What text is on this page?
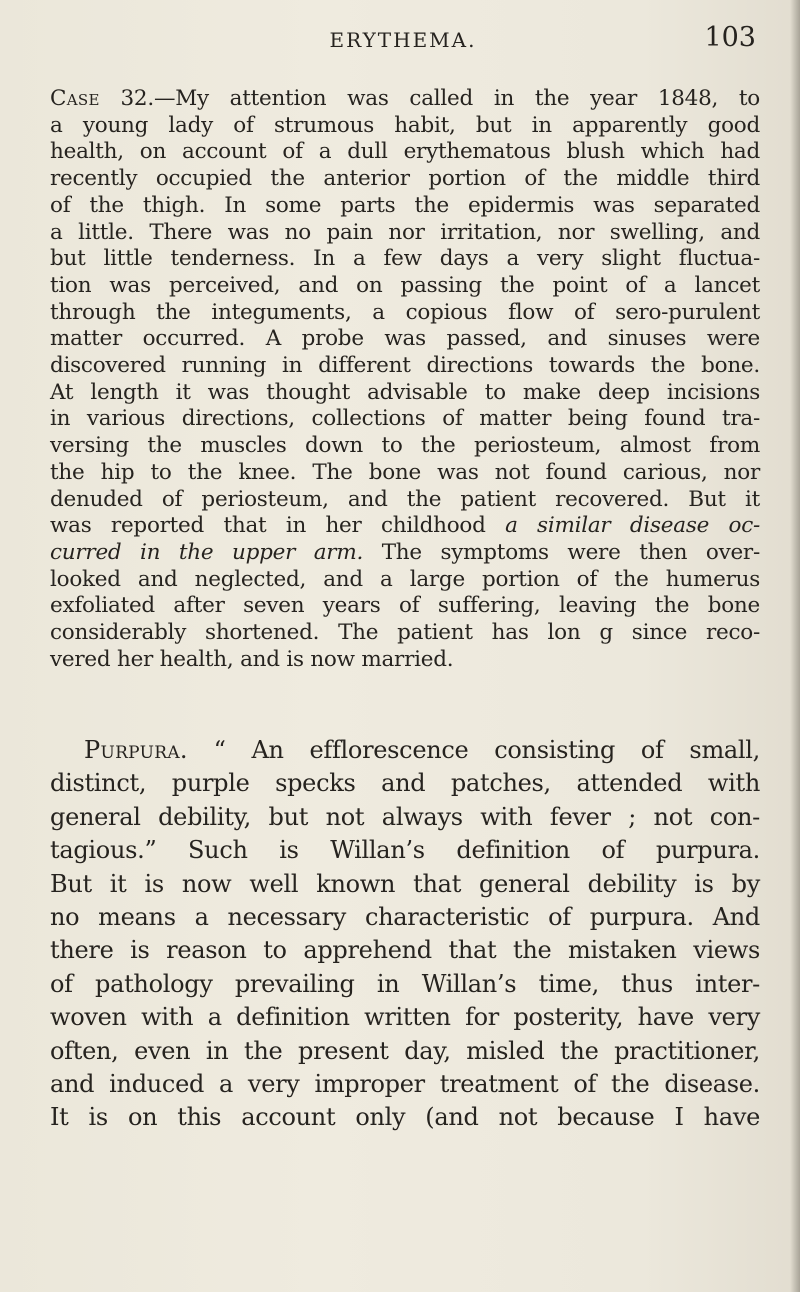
ERYTHEMA.	103
Case 32.—My attention was called in the year 1848, to
a young lady of strumous habit, but in apparently good
health, on account of a dull erythematous blush which had
recently occupied the anterior portion of the middle third
of the thigh. In some parts the epidermis was separated
a little. There was no pain nor irritation, nor swelling, and
but little tenderness. In a few days a very slight fluctua-
tion was perceived, and on passing the point of a lancet
through the integuments, a copious flow of sero-purulent
matter occurred. A probe was passed, and sinuses were
discovered running in different directions towards the bone.
At length it was thought advisable to make deep incisions
in various directions, collections of matter being found tra-
versing the muscles down to the periosteum, almost from
the hip to the knee. The bone was not found carious, nor
denuded of periosteum, and the patient recovered. But it
was reported that in her childhood a similar disease oc-
curred in the upper arm. The symptoms were then over-
looked and neglected, and a large portion of the humerus
exfoliated after seven years of suffering, leaving the bone
considerably shortened. The patient has lon g since reco-
vered her health, and is now married.
Purpura. “ An efflorescence consisting of small,
distinct, purple specks and patches, attended with
general debility, but not always with fever ; not con-
tagious.” Such is Willan’s definition of purpura.
But it is now well known that general debility is by
no means a necessary characteristic of purpura. And
there is reason to apprehend that the mistaken views
of pathology prevailing in Willan’s time, thus inter-
woven with a definition written for posterity, have very
often, even in the present day, misled the practitioner,
and induced a very improper treatment of the disease.
It is on this account only (and not because I have
